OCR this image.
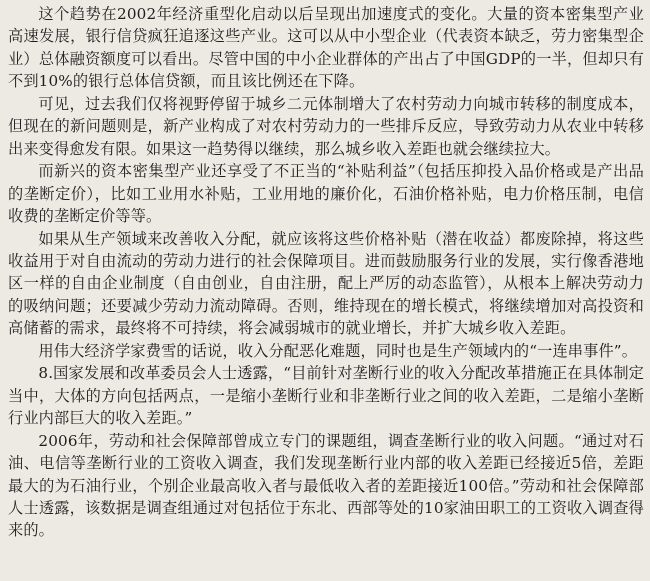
这个趋势在2002年经济重型化启动以后呈现出加速度式的变化。大量的资本密集型产业高速发展，银行信贷疯狂追逐这些产业。这可以从中小型企业（代表资本缺乏，劳力密集型企业）总体融资额度可以看出。尽管中国的中小企业群体的产出占了中国GDP的一半，但却只有不到10%的银行总体信贷额，而且该比例还在下降。

可见，过去我们仅将视野停留于城乡二元体制增大了农村劳动力向城市转移的制度成本，但现在的新问题则是，新产业构成了对农村劳动力的一些排斥反应，导致劳动力从农业中转移出来变得愈发有限。如果这一趋势得以继续，那么城乡收入差距也就会继续拉大。

而新兴的资本密集型产业还享受了不正当的“补贴利益”（包括压抑投入品价格或是产出品的垄断定价），比如工业用水补贴，工业用地的廉价化，石油价格补贴，电力价格压制，电信收费的垄断定价等等。

如果从生产领域来改善收入分配，就应该将这些价格补贴（潜在收益）都废除掉，将这些收益用于对自由流动的劳动力进行的社会保障项目。进而鼓励服务行业的发展，实行像香港地区一样的自由企业制度（自由创业，自由注册，配上严厉的动态监管），从根本上解决劳动力的吸纳问题；还要减少劳动力流动障碍。否则，维持现在的增长模式，将继续增加对高投资和高储蓄的需求，最终将不可持续，将会减弱城市的就业增长，并扩大城乡收入差距。

用伟大经济学家费雪的话说，收入分配恶化难题，同时也是生产领域内的“一连串事件”。

8.国家发展和改革委员会人士透露，“目前针对垄断行业的收入分配改革措施正在具体制定当中，大体的方向包括两点，一是缩小垄断行业和非垄断行业之间的收入差距，二是缩小垄断行业内部巨大的收入差距。”

2006年，劳动和社会保障部曾成立专门的课题组，调查垄断行业的收入问题。“通过对石油、电信等垄断行业的工资收入调查，我们发现垄断行业内部的收入差距已经接近5倍，差距最大的为石油行业，个别企业最高收入者与最低收入者的差距接近100倍。”劳动和社会保障部人士透露，该数据是调查组通过对包括位于东北、西部等处的10家油田职工的工资收入调查得来的。
